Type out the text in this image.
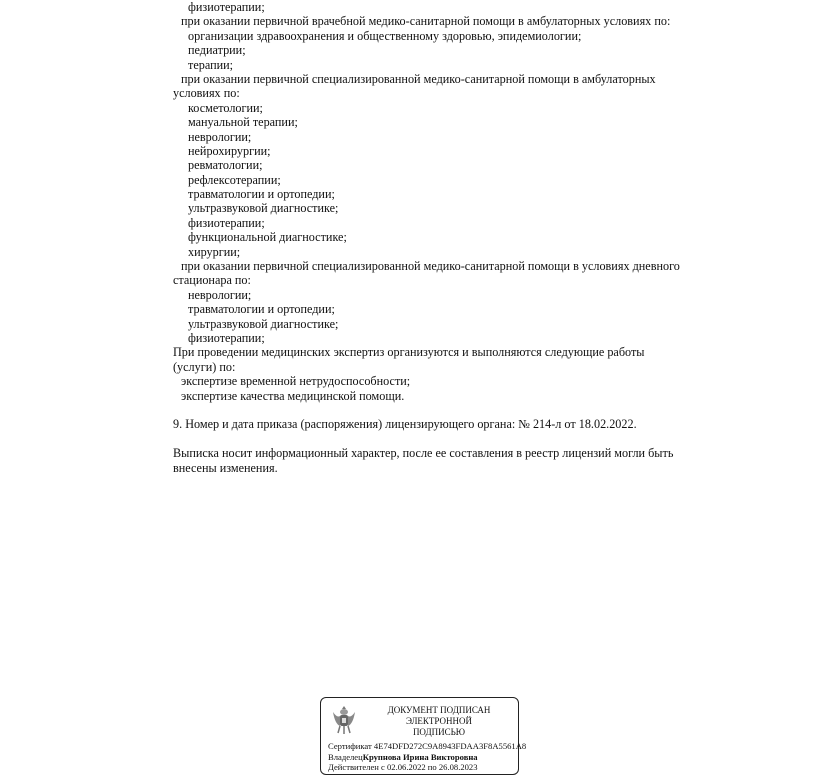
физиотерапии;
при оказании первичной врачебной медико-санитарной помощи в амбулаторных условиях по:
организации здравоохранения и общественному здоровью, эпидемиологии;
педиатрии;
терапии;
при оказании первичной специализированной медико-санитарной помощи в амбулаторных
условиях по:
косметологии;
мануальной терапии;
неврологии;
нейрохирургии;
ревматологии;
рефлексотерапии;
травматологии и ортопедии;
ультразвуковой диагностике;
физиотерапии;
функциональной диагностике;
хирургии;
при оказании первичной специализированной медико-санитарной помощи в условиях дневного
стационара по:
неврологии;
травматологии и ортопедии;
ультразвуковой диагностике;
физиотерапии;
При проведении медицинских экспертиз организуются и выполняются следующие работы
(услуги) по:
экспертизе временной нетрудоспособности;
экспертизе качества медицинской помощи.
9. Номер и дата приказа (распоряжения) лицензирующего органа: № 214-л от 18.02.2022.
Выписка носит информационный характер, после ее составления в реестр лицензий могли быть
внесены изменения.
ДОКУМЕНТ ПОДПИСАН
ЭЛЕКТРОННОЙ ПОДПИСЬЮ
Сертификат 4E74DFD272C9A8943FDAA3F8A5561A8
ВладелецКрупнова Ирина Викторовна
Действителен с 02.06.2022 по 26.08.2023
